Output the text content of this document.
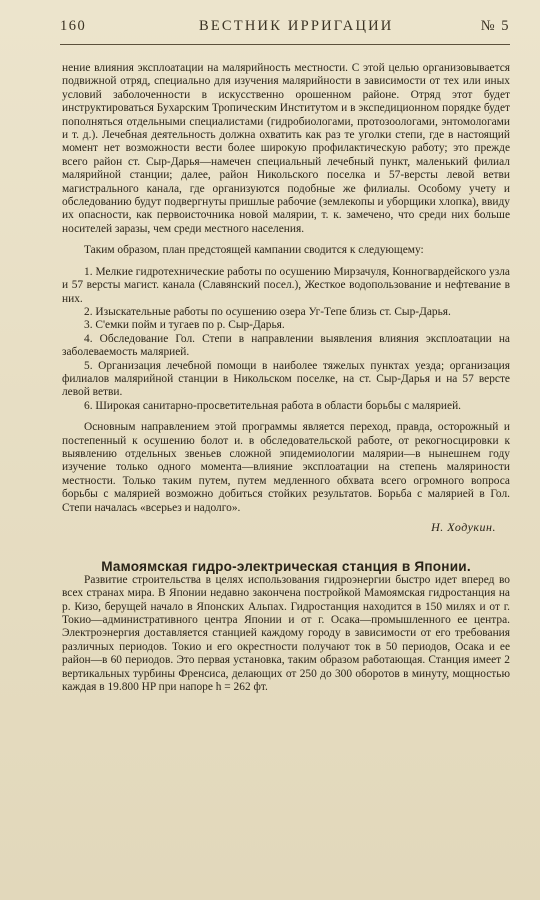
160	ВЕСТНИК ИРРИГАЦИИ	№ 5

нение влияния эксплоатации на малярийность местности. С этой целью организовывается подвижной отряд, специально для изучения малярийности в зависимости от тех или иных условий заболоченности в искусственно орошенном районе. Отряд этот будет инструктироваться Бухарским Тропическим Институтом и в экспедиционном порядке будет пополняться отдельными специалистами (гидробиологами, протозоологами, энтомологами и т. д.). Лечебная деятельность должна охватить как раз те уголки степи, где в настоящий момент нет возможности вести более широкую профилактическую работу; это прежде всего район ст. Сыр-Дарья—намечен специальный лечебный пункт, маленький филиал малярийной станции; далее, район Никольского поселка и 57-версты левой ветви магистрального канала, где организуются подобные же филиалы. Особому учету и обследованию будут подвергнуты пришлые рабочие (землекопы и уборщики хлопка), ввиду их опасности, как первоисточника новой малярии, т. к. замечено, что среди них больше носителей заразы, чем среди местного населения.

Таким образом, план предстоящей кампании сводится к следующему:

1. Мелкие гидротехнические работы по осушению Мирзачуля, Конногвардейского узла и 57 версты магист. канала (Славянский посел.), Жесткое водопользование и нефтевание в них.

2. Изыскательные работы по осушению озера Уг-Тепе близь ст. Сыр-Дарья.

3. С'емки пойм и тугаев по р. Сыр-Дарья.

4. Обследование Гол. Степи в направлении выявления влияния эксплоатации на заболеваемость малярией.

5. Организация лечебной помощи в наиболее тяжелых пунктах уезда; организация филиалов малярийной станции в Никольском поселке, на ст. Сыр-Дарья и на 57 версте левой ветви.

6. Широкая санитарно-просветительная работа в области борьбы с малярией.

Основным направлением этой программы является переход, правда, осторожный и постепенный к осушению болот и. в обследовательской работе, от рекогносцировки к выявлению отдельных звеньев сложной эпидемиологии малярии—в нынешнем году изучение только одного момента—влияние эксплоатации на степень маляриности местности. Только таким путем, путем медленного обхвата всего огромного вопроса борьбы с малярией возможно добиться стойких результатов. Борьба с малярией в Гол. Степи началась «всерьез и надолго».

Н. Ходукин.
Мамоямская гидро-электрическая станция в Японии.

Развитие строительства в целях использования гидроэнергии быстро идет вперед во всех странах мира. В Японии недавно закончена постройкой Мамоямская гидростанция на р. Кизо, берущей начало в Японских Альпах. Гидростанция находится в 150 милях и от г. Токио—административного центра Японии и от г. Осака—промышленного ее центра. Электроэнергия доставляется станцией каждому городу в зависимости от его требования различных периодов. Токио и его окрестности получают ток в 50 периодов, Осака и ее район—в 60 периодов. Это первая установка, таким образом работающая. Станция имеет 2 вертикальных турбины Френсиса, делающих от 250 до 300 оборотов в минуту, мощностью каждая в 19.800 HP при напоре h = 262 фт.
